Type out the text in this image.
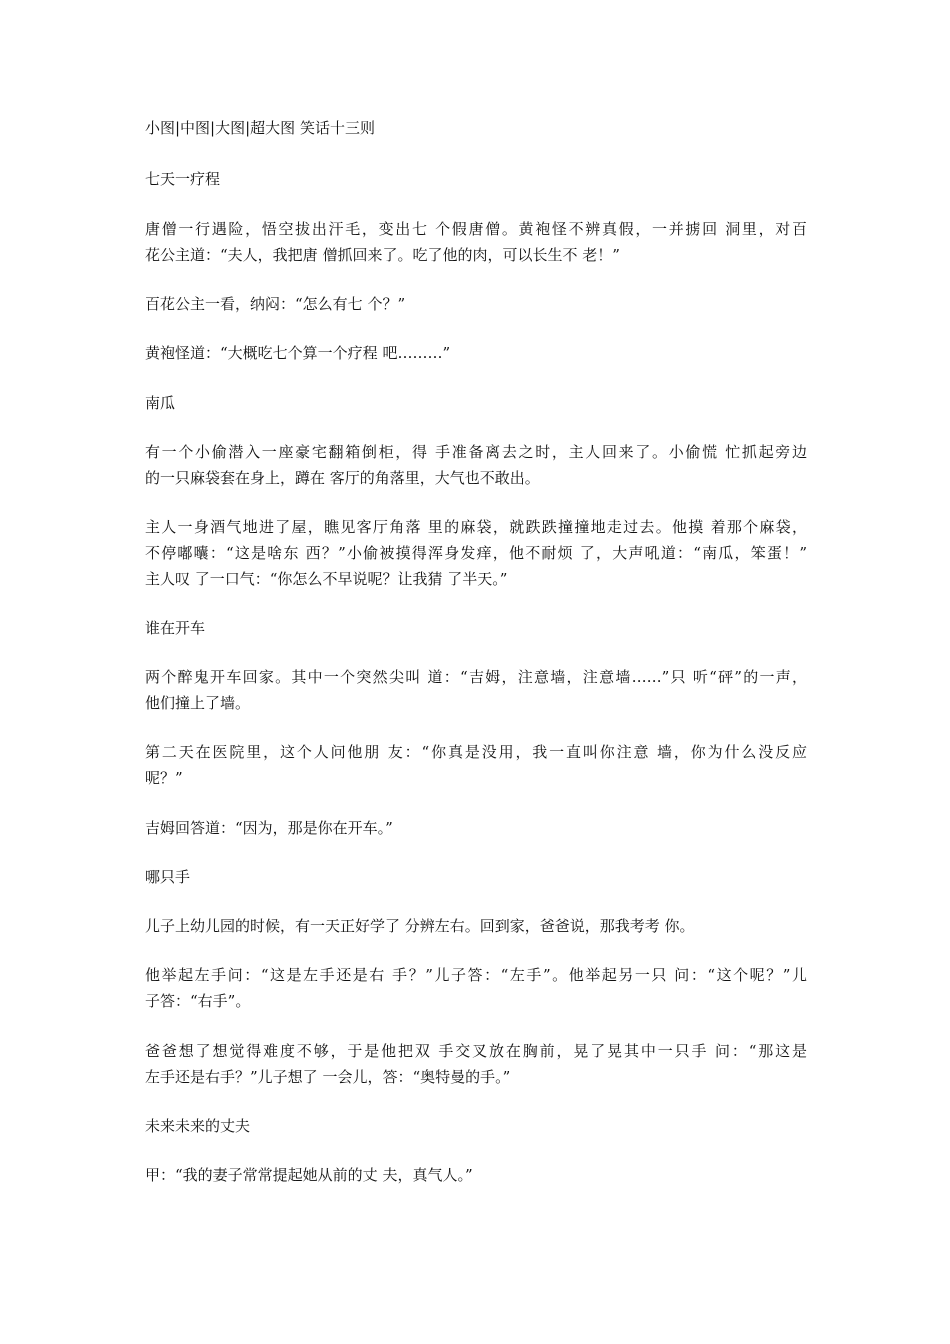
小图|中图|大图|超大图 笑话十三则

七天一疗程

唐僧一行遇险，悟空拔出汗毛，变出七 个假唐僧。黄袍怪不辨真假，一并掳回 洞里，对百

花公主道：“夫人，我把唐 僧抓回来了。吃了他的肉，可以长生不 老！”

百花公主一看，纳闷：“怎么有七 个？”

黄袍怪道：“大概吃七个算一个疗程 吧………”

南瓜

有一个小偷潜入一座豪宅翻箱倒柜，得 手准备离去之时，主人回来了。小偷慌 忙抓起旁边

的一只麻袋套在身上，蹲在 客厅的角落里，大气也不敢出。

主人一身酒气地进了屋，瞧见客厅角落 里的麻袋，就跌跌撞撞地走过去。他摸 着那个麻袋，

不停嘟囔：“这是啥东 西？”小偷被摸得浑身发痒，他不耐烦 了，大声吼道：“南瓜，笨蛋！”

主人叹 了一口气：“你怎么不早说呢？让我猜 了半天。”

谁在开车

两个醉鬼开车回家。其中一个突然尖叫 道：“吉姆，注意墙，注意墙……”只 听“砰”的一声，

他们撞上了墙。

第二天在医院里，这个人问他朋 友：“你真是没用，我一直叫你注意 墙，你为什么没反应

呢？”

吉姆回答道：“因为，那是你在开车。”

哪只手

儿子上幼儿园的时候，有一天正好学了 分辨左右。回到家，爸爸说，那我考考 你。

他举起左手问：“这是左手还是右 手？”儿子答：“左手”。他举起另一只 问：“这个呢？”儿

子答：“右手”。

爸爸想了想觉得难度不够，于是他把双 手交叉放在胸前，晃了晃其中一只手 问：“那这是

左手还是右手？”儿子想了 一会儿，答：“奥特曼的手。”

未来未来的丈夫

甲：“我的妻子常常提起她从前的丈 夫，真气人。”
